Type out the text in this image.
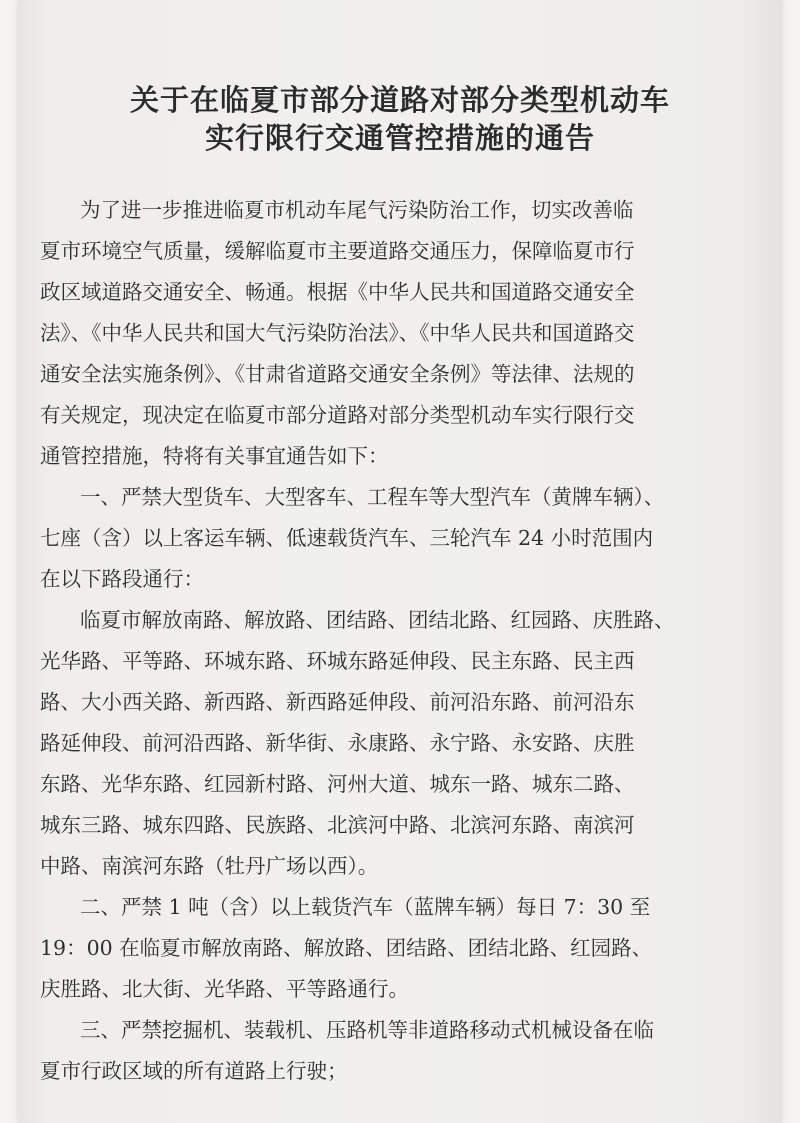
关于在临夏市部分道路对部分类型机动车
实行限行交通管控措施的通告
为了进一步推进临夏市机动车尾气污染防治工作，切实改善临
夏市环境空气质量，缓解临夏市主要道路交通压力，保障临夏市行
政区域道路交通安全、畅通。根据《中华人民共和国道路交通安全
法》、《中华人民共和国大气污染防治法》、《中华人民共和国道路交
通安全法实施条例》、《甘肃省道路交通安全条例》等法律、法规的
有关规定，现决定在临夏市部分道路对部分类型机动车实行限行交
通管控措施，特将有关事宜通告如下：
一、严禁大型货车、大型客车、工程车等大型汽车（黄牌车辆）、
七座（含）以上客运车辆、低速载货汽车、三轮汽车 24 小时范围内
在以下路段通行：
临夏市解放南路、解放路、团结路、团结北路、红园路、庆胜路、
光华路、平等路、环城东路、环城东路延伸段、民主东路、民主西
路、大小西关路、新西路、新西路延伸段、前河沿东路、前河沿东
路延伸段、前河沿西路、新华街、永康路、永宁路、永安路、庆胜
东路、光华东路、红园新村路、河州大道、城东一路、城东二路、
城东三路、城东四路、民族路、北滨河中路、北滨河东路、南滨河
中路、南滨河东路（牡丹广场以西）。
二、严禁 1 吨（含）以上载货汽车（蓝牌车辆）每日 7：30 至
19：00 在临夏市解放南路、解放路、团结路、团结北路、红园路、
庆胜路、北大街、光华路、平等路通行。
三、严禁挖掘机、装载机、压路机等非道路移动式机械设备在临
夏市行政区域的所有道路上行驶；
